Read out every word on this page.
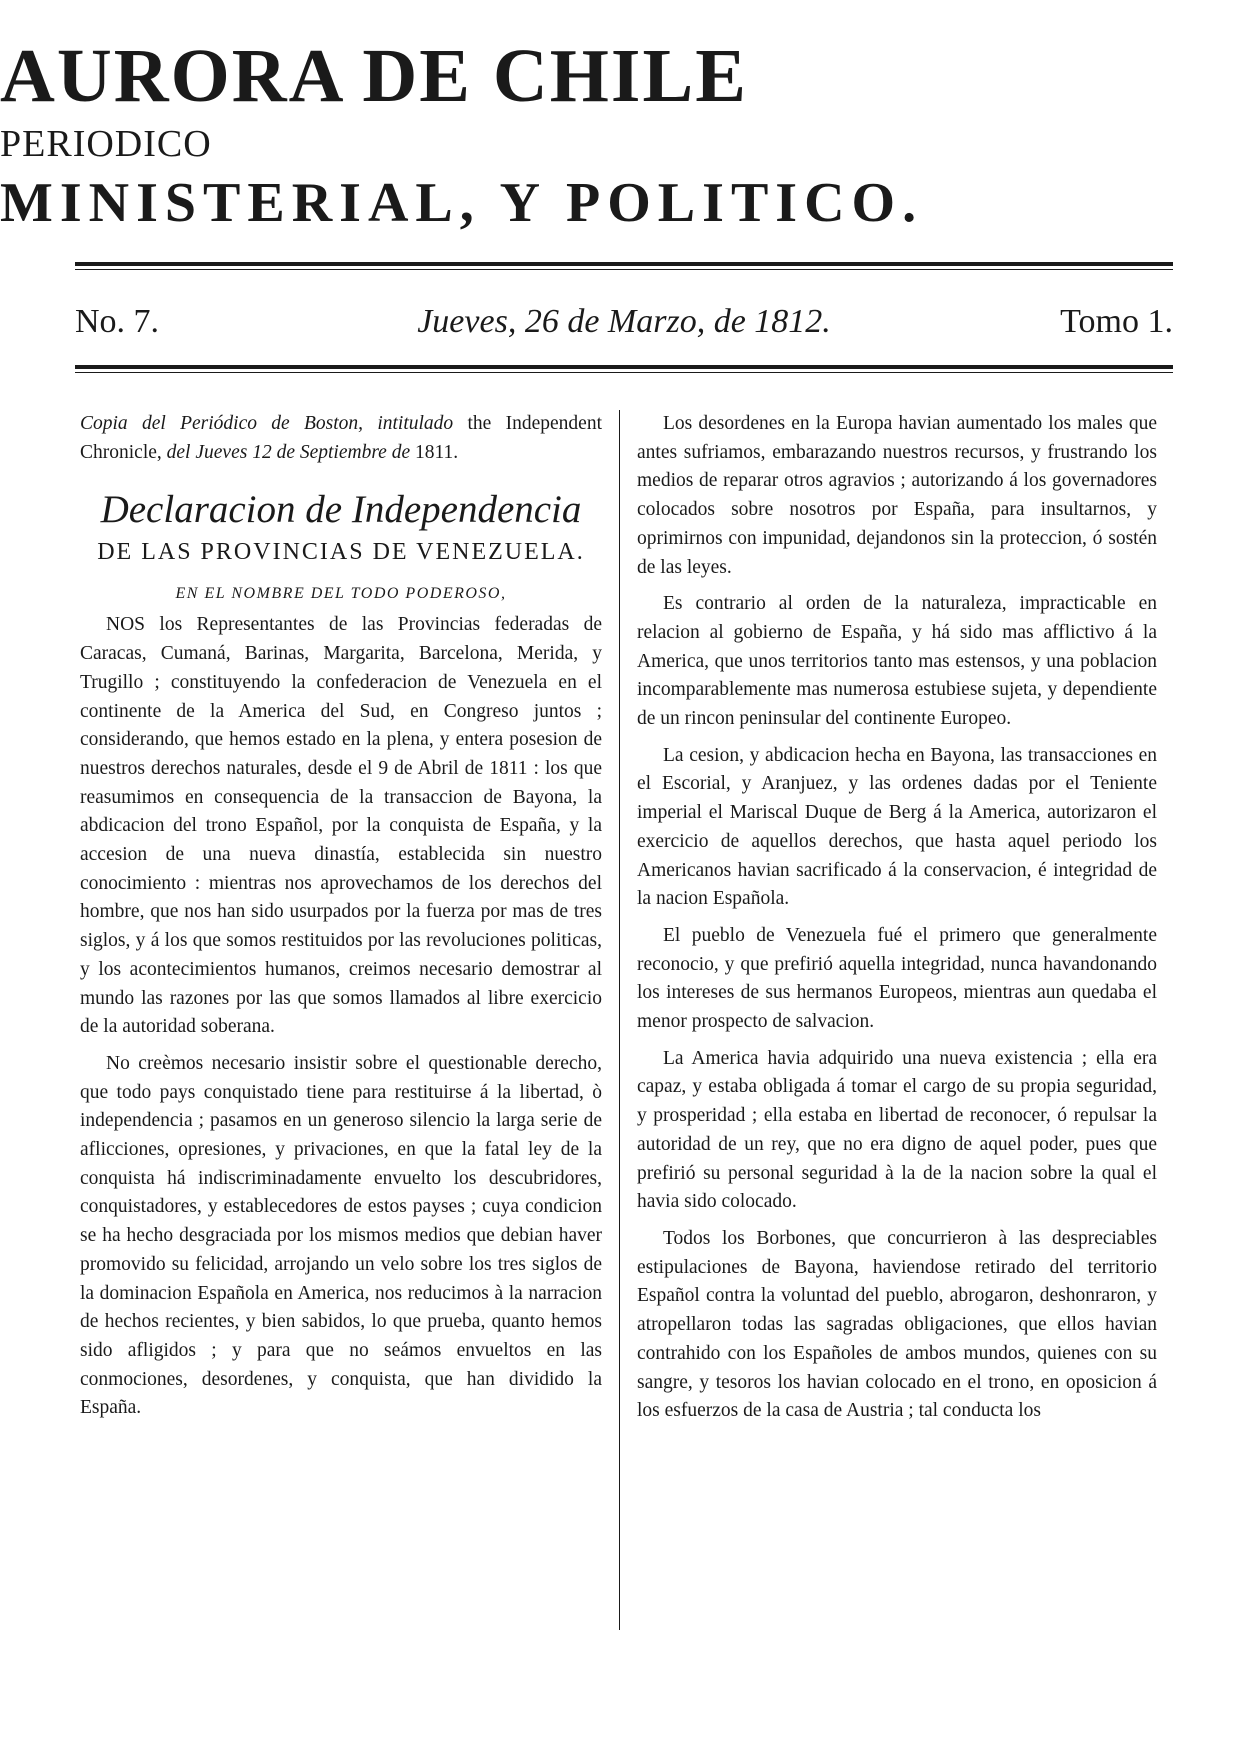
AURORA DE CHILE
PERIODICO
MINISTERIAL, Y POLITICO.
No. 7.	Jueves, 26 de Marzo, de 1812.	Tomo 1.

Copia del Periódico de Boston, intitulado the Independent Chronicle, del Jueves 12 de Septiembre de 1811.

Declaracion de Independencia
DE LAS PROVINCIAS DE VENEZUELA.
EN EL NOMBRE DEL TODO PODEROSO,

NOS los Representantes de las Provincias federadas de Caracas, Cumaná, Barinas, Margarita, Barcelona, Merida, y Trugillo ; constituyendo la confederacion de Venezuela en el continente de la America del Sud, en Congreso juntos ; considerando, que hemos estado en la plena, y entera posesion de nuestros derechos naturales, desde el 9 de Abril de 1811 : los que reasumimos en consequencia de la transaccion de Bayona, la abdicacion del trono Español, por la conquista de España, y la accesion de una nueva dinastía, establecida sin nuestro conocimiento : mientras nos aprovechamos de los derechos del hombre, que nos han sido usurpados por la fuerza por mas de tres siglos, y á los que somos restituidos por las revoluciones politicas, y los acontecimientos humanos, creimos necesario demostrar al mundo las razones por las que somos llamados al libre exercicio de la autoridad soberana.

No creèmos necesario insistir sobre el questionable derecho, que todo pays conquistado tiene para restituirse á la libertad, ò independencia ; pasamos en un generoso silencio la larga serie de aflicciones, opresiones, y privaciones, en que la fatal ley de la conquista há indiscriminadamente envuelto los descubridores, conquistadores, y establecedores de estos payses ; cuya condicion se ha hecho desgraciada por los mismos medios que debian haver promovido su felicidad, arrojando un velo sobre los tres siglos de la dominacion Española en America, nos reducimos à la narracion de hechos recientes, y bien sabidos, lo que prueba, quanto hemos sido afligidos ; y para que no seámos envueltos en las conmociones, desordenes, y conquista, que han dividido la España.

Los desordenes en la Europa havian aumentado los males que antes sufriamos, embarazando nuestros recursos, y frustrando los medios de reparar otros agravios ; autorizando á los governadores colocados sobre nosotros por España, para insultarnos, y oprimirnos con impunidad, dejandonos sin la proteccion, ó sostén de las leyes.

Es contrario al orden de la naturaleza, impracticable en relacion al gobierno de España, y há sido mas afflictivo á la America, que unos territorios tanto mas estensos, y una poblacion incomparablemente mas numerosa estubiese sujeta, y dependiente de un rincon peninsular del continente Europeo.

La cesion, y abdicacion hecha en Bayona, las transacciones en el Escorial, y Aranjuez, y las ordenes dadas por el Teniente imperial el Mariscal Duque de Berg á la America, autorizaron el exercicio de aquellos derechos, que hasta aquel periodo los Americanos havian sacrificado á la conservacion, é integridad de la nacion Española.

El pueblo de Venezuela fué el primero que generalmente reconocio, y que prefirió aquella integridad, nunca havandonando los intereses de sus hermanos Europeos, mientras aun quedaba el menor prospecto de salvacion.

La America havia adquirido una nueva existencia ; ella era capaz, y estaba obligada á tomar el cargo de su propia seguridad, y prosperidad ; ella estaba en libertad de reconocer, ó repulsar la autoridad de un rey, que no era digno de aquel poder, pues que prefirió su personal seguridad à la de la nacion sobre la qual el havia sido colocado.

Todos los Borbones, que concurrieron à las despreciables estipulaciones de Bayona, haviendose retirado del territorio Español contra la voluntad del pueblo, abrogaron, deshonraron, y atropellaron todas las sagradas obligaciones, que ellos havian contrahido con los Españoles de ambos mundos, quienes con su sangre, y tesoros los havian colocado en el trono, en oposicion á los esfuerzos de la casa de Austria ; tal conducta los
